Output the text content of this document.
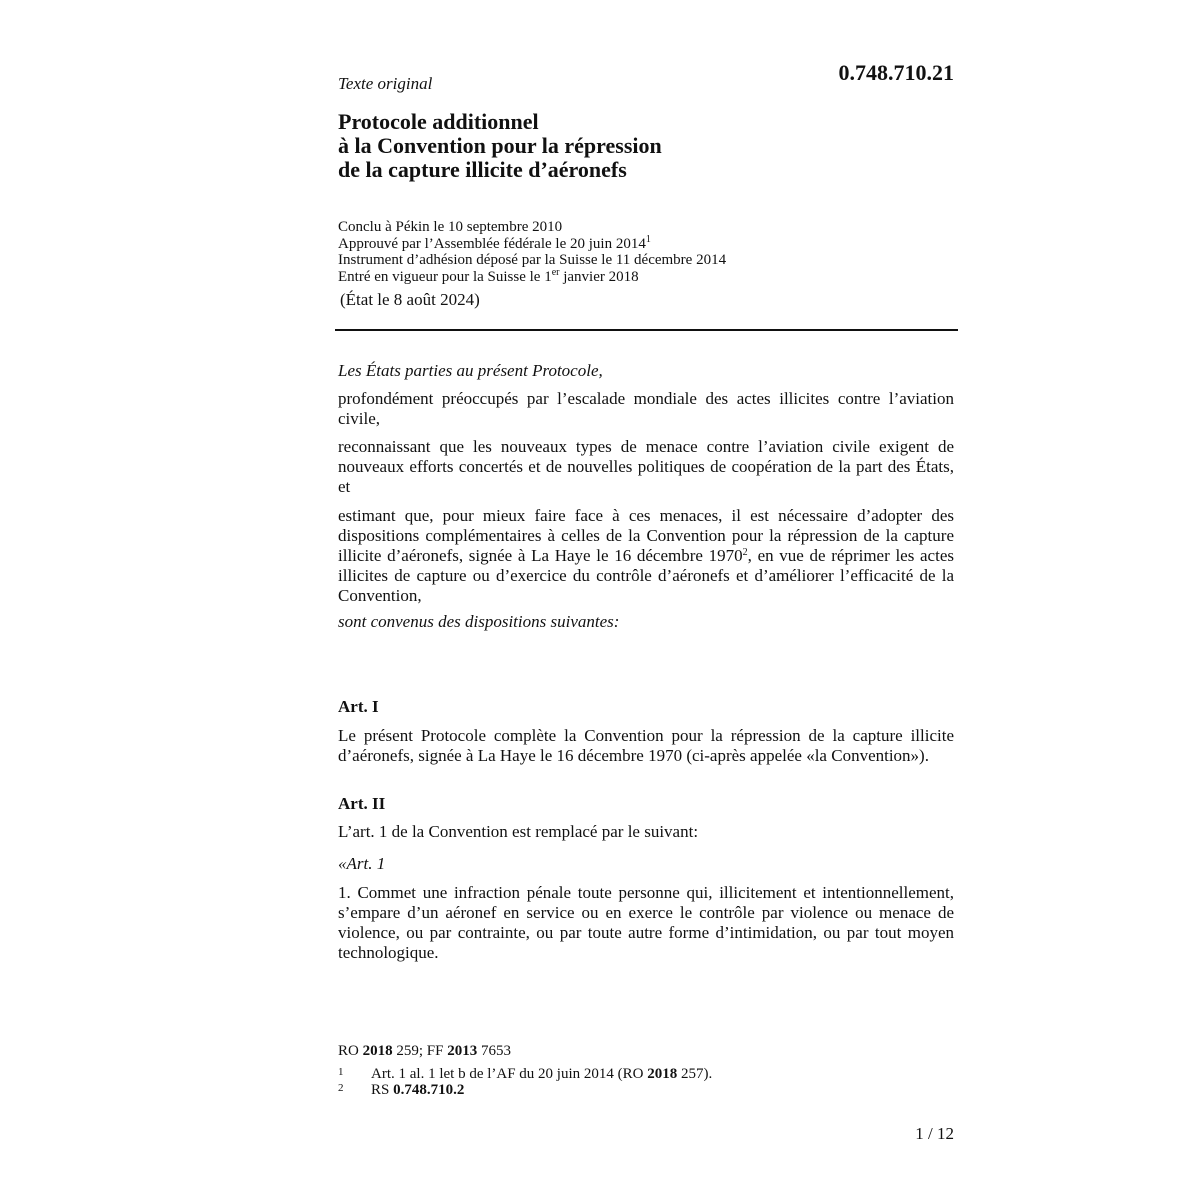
0.748.710.21
Texte original
Protocole additionnel
à la Convention pour la répression
de la capture illicite d’aéronefs
Conclu à Pékin le 10 septembre 2010
Approuvé par l’Assemblée fédérale le 20 juin 2014$^1$
Instrument d’adhésion déposé par la Suisse le 11 décembre 2014
Entré en vigueur pour la Suisse le 1er janvier 2018
(État le 8 août 2024)

Les États parties au présent Protocole,

profondément préoccupés par l’escalade mondiale des actes illicites contre l’aviation civile,

reconnaissant que les nouveaux types de menace contre l’aviation civile exigent de nouveaux efforts concertés et de nouvelles politiques de coopération de la part des États, et

estimant que, pour mieux faire face à ces menaces, il est nécessaire d’adopter des dispositions complémentaires à celles de la Convention pour la répression de la capture illicite d’aéronefs, signée à La Haye le 16 décembre 1970$^2$, en vue de réprimer les actes illicites de capture ou d’exercice du contrôle d’aéronefs et d’améliorer l’efficacité de la Convention,

sont convenus des dispositions suivantes:

Art. I

Le présent Protocole complète la Convention pour la répression de la capture illicite d’aéronefs, signée à La Haye le 16 décembre 1970 (ci-après appelée «la Convention»).

Art. II

L’art. 1 de la Convention est remplacé par le suivant:

«Art. 1

1. Commet une infraction pénale toute personne qui, illicitement et intentionnellement, s’empare d’un aéronef en service ou en exerce le contrôle par violence ou menace de violence, ou par contrainte, ou par toute autre forme d’intimidation, ou par tout moyen technologique.

RO 2018 259; FF 2013 7653
1 Art. 1 al. 1 let b de l’AF du 20 juin 2014 (RO 2018 257).
2 RS 0.748.710.2
1 / 12
